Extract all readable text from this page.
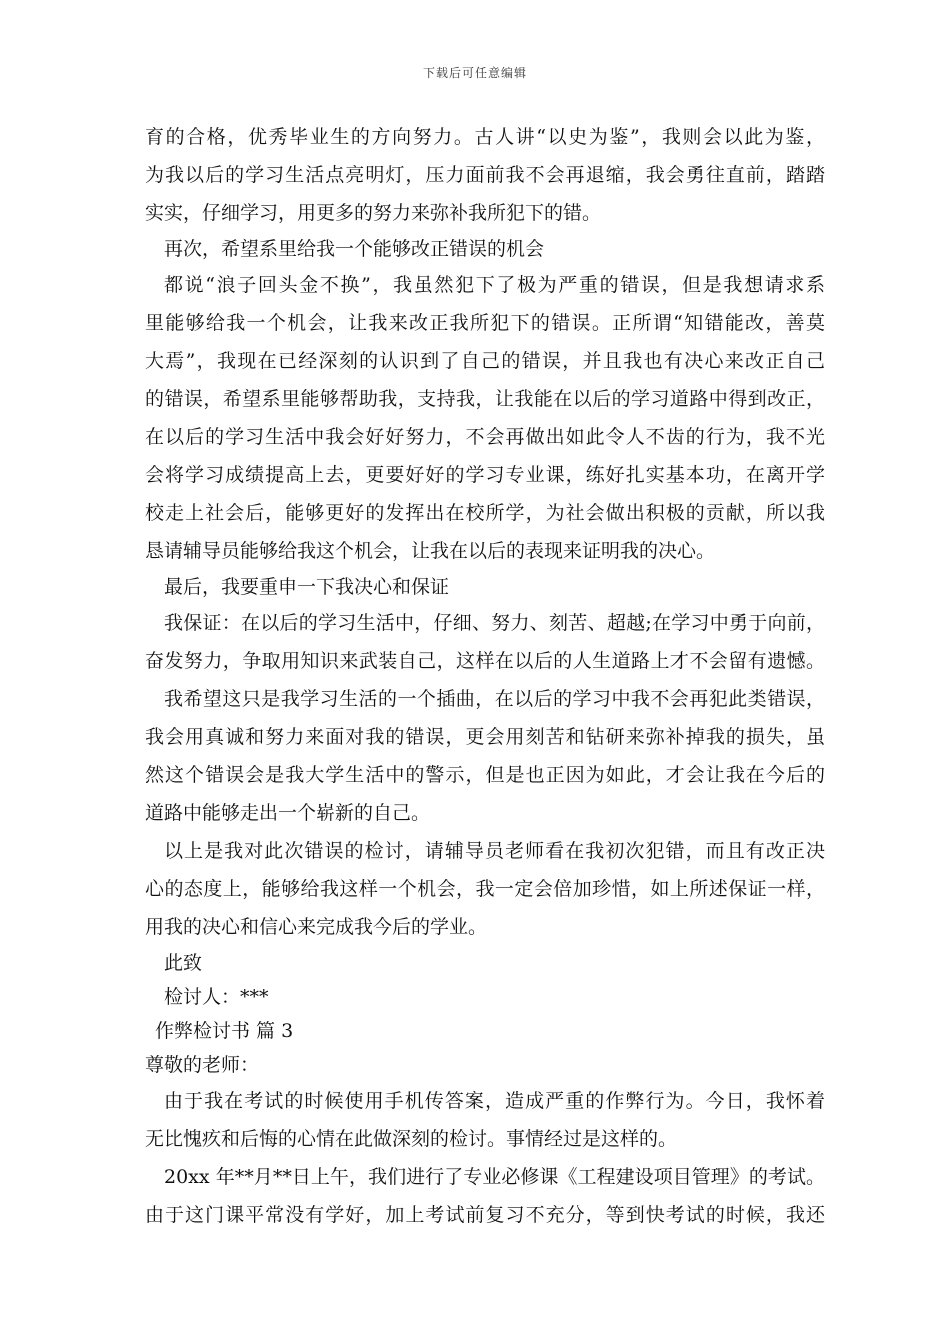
下载后可任意编辑
育的合格，优秀毕业生的方向努力。古人讲“以史为鉴”，我则会以此为鉴，
为我以后的学习生活点亮明灯，压力面前我不会再退缩，我会勇往直前，踏踏
实实，仔细学习，用更多的努力来弥补我所犯下的错。
再次，希望系里给我一个能够改正错误的机会
都说“浪子回头金不换”，我虽然犯下了极为严重的错误，但是我想请求系
里能够给我一个机会，让我来改正我所犯下的错误。正所谓“知错能改，善莫
大焉”，我现在已经深刻的认识到了自己的错误，并且我也有决心来改正自己
的错误，希望系里能够帮助我，支持我，让我能在以后的学习道路中得到改正，
在以后的学习生活中我会好好努力，不会再做出如此令人不齿的行为，我不光
会将学习成绩提高上去，更要好好的学习专业课，练好扎实基本功，在离开学
校走上社会后，能够更好的发挥出在校所学，为社会做出积极的贡献，所以我
恳请辅导员能够给我这个机会，让我在以后的表现来证明我的决心。
最后，我要重申一下我决心和保证
我保证：在以后的学习生活中，仔细、努力、刻苦、超越;在学习中勇于向前，
奋发努力，争取用知识来武装自己，这样在以后的人生道路上才不会留有遗憾。
我希望这只是我学习生活的一个插曲，在以后的学习中我不会再犯此类错误，
我会用真诚和努力来面对我的错误，更会用刻苦和钻研来弥补掉我的损失，虽
然这个错误会是我大学生活中的警示，但是也正因为如此，才会让我在今后的
道路中能够走出一个崭新的自己。
以上是我对此次错误的检讨，请辅导员老师看在我初次犯错，而且有改正决
心的态度上，能够给我这样一个机会，我一定会倍加珍惜，如上所述保证一样，
用我的决心和信心来完成我今后的学业。
此致
检讨人：***
作弊检讨书 篇 3
尊敬的老师：
由于我在考试的时候使用手机传答案，造成严重的作弊行为。今日，我怀着
无比愧疚和后悔的心情在此做深刻的检讨。事情经过是这样的。
20xx 年**月**日上午，我们进行了专业必修课《工程建设项目管理》的考试。
由于这门课平常没有学好，加上考试前复习不充分，等到快考试的时候，我还
